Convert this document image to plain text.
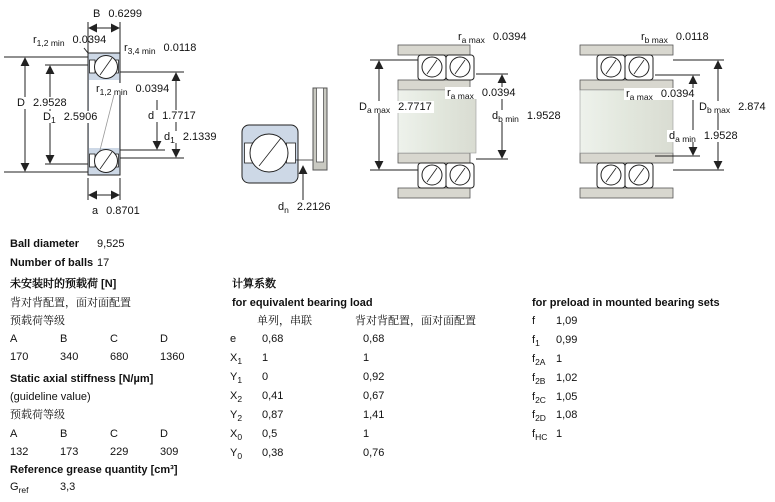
B 0.6299
$r_{1,2 min}$ 0.0394
$r_{3,4 min}$ 0.0118
D 2.9528
$D_1$ 2.5906
$r_{1,2 min}$ 0.0394
d 1.7717
$d_1$ 2.1339
a 0.8701	$d_n$ 2.2126
$r_{a max}$ 0.0394
$D_{a max}$ 2.7717
$r_{a max}$ 0.0394
$d_{b min}$ 1.9528
$r_{b max}$ 0.0118
$r_{a max}$ 0.0394
$D_{b max}$ 2.874
$d_{a min}$ 1.9528
Ball diameter 9,525
Number of balls 17
未安装时的预载荷 [N]
背对背配置，面对面配置
预载荷等级
A	B	C	D
170	340	680	1360
Static axial stiffness [N/µm]
(guideline value)
预载荷等级
A	B	C	D
132	173	229	309
Reference grease quantity [cm³]
$G_{ref}$	3,3
计算系数
for equivalent bearing load
单列，串联	背对背配置，面对面配置
e 0,68	0,68
$X_1$ 1	1
$Y_1$ 0	0,92
$X_2$ 0,41	0,67
$Y_2$ 0,87	1,41
$X_0$ 0,5	1
$Y_0$ 0,38	0,76
for preload in mounted bearing sets
f 1,09
$f_1$ 0,99
$f_{2A}$ 1
$f_{2B}$ 1,02
$f_{2C}$ 1,05
$f_{2D}$ 1,08
$f_{HC}$ 1
